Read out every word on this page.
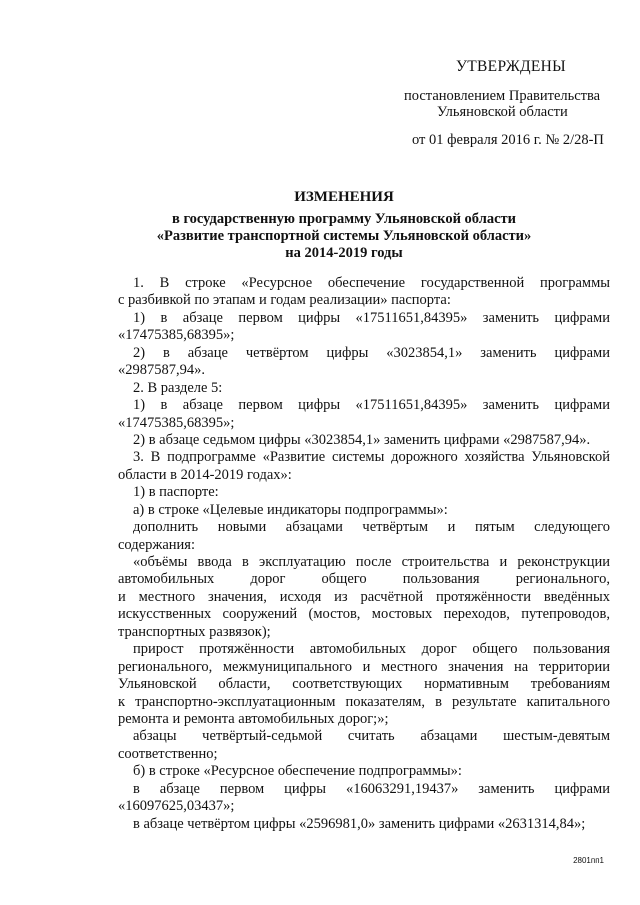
УТВЕРЖДЕНЫ
постановлением Правительства
Ульяновской области
от 01 февраля 2016 г. № 2/28-П
ИЗМЕНЕНИЯ
в государственную программу Ульяновской области
«Развитие транспортной системы Ульяновской области»
на 2014-2019 годы
1. В строке «Ресурсное обеспечение государственной программы
с разбивкой по этапам и годам реализации» паспорта:
1) в абзаце первом цифры «17511651,84395» заменить цифрами
«17475385,68395»;
2) в абзаце четвёртом цифры «3023854,1» заменить цифрами
«2987587,94».
2. В разделе 5:
1) в абзаце первом цифры «17511651,84395» заменить цифрами
«17475385,68395»;
2) в абзаце седьмом цифры «3023854,1» заменить цифрами «2987587,94».
3. В подпрограмме «Развитие системы дорожного хозяйства Ульяновской
области в 2014-2019 годах»:
1) в паспорте:
а) в строке «Целевые индикаторы подпрограммы»:
дополнить новыми абзацами четвёртым и пятым следующего
содержания:
«объёмы ввода в эксплуатацию после строительства и реконструкции
автомобильных дорог общего пользования регионального,
и местного значения, исходя из расчётной протяжённости введённых
искусственных сооружений (мостов, мостовых переходов, путепроводов,
транспортных развязок);
прирост протяжённости автомобильных дорог общего пользования
регионального, межмуниципального и местного значения на территории
Ульяновской области, соответствующих нормативным требованиям
к транспортно-эксплуатационным показателям, в результате капитального
ремонта и ремонта автомобильных дорог;»;
абзацы четвёртый-седьмой считать абзацами шестым-девятым
соответственно;
б) в строке «Ресурсное обеспечение подпрограммы»:
в абзаце первом цифры «16063291,19437» заменить цифрами
«16097625,03437»;
в абзаце четвёртом цифры «2596981,0» заменить цифрами «2631314,84»;
2801пп1
